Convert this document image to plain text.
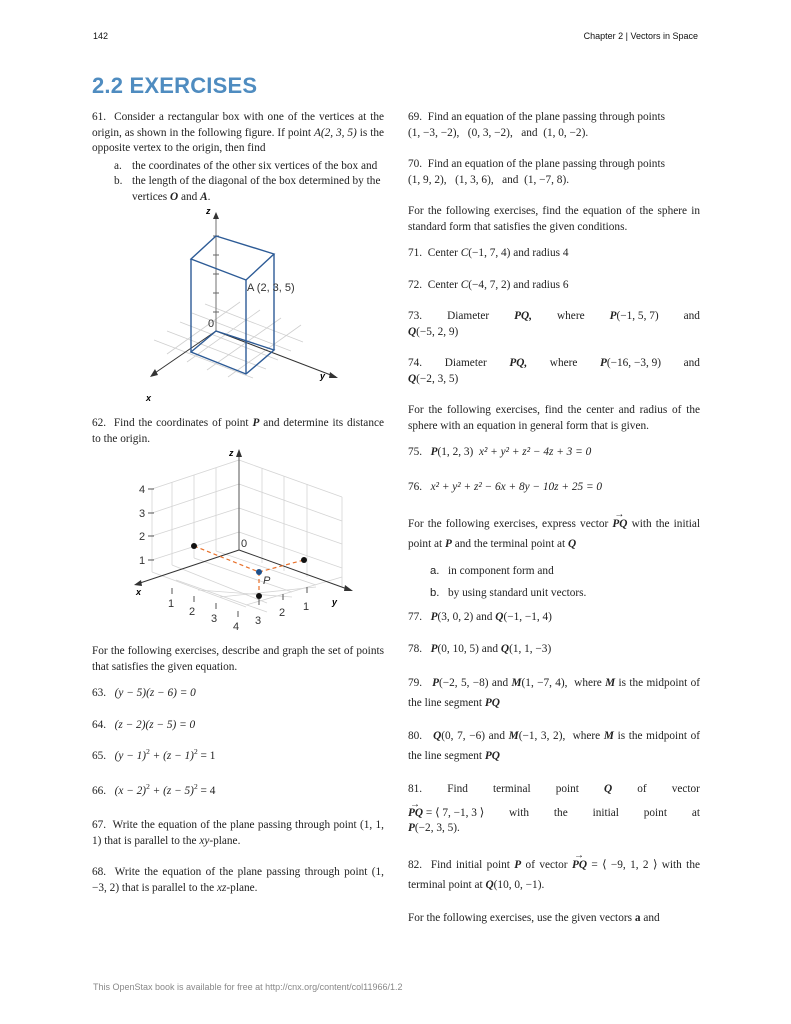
142	Chapter 2 | Vectors in Space
2.2 EXERCISES

61. Consider a rectangular box with one of the vertices at the origin, as shown in the following figure. If point A(2, 3, 5) is the opposite vertex to the origin, then find

a. the coordinates of the other six vertices of the box and
b. the length of the diagonal of the box determined by the vertices O and A.
z
y
x
0
A (2, 3, 5)

62. Find the coordinates of point P and determine its distance to the origin.

z
y
x
0
P
1
2
3
4
1
2
3
4 3
2 1

For the following exercises, describe and graph the set of points that satisfies the given equation.

63. (y − 5)(z − 6) = 0

64. (z − 2)(z − 5) = 0

65. $(y - 1)^2 + (z - 1)^2 = 1$

66. $(x - 2)^2 + (z - 5)^2 = 4$

67. Write the equation of the plane passing through point (1, 1, 1) that is parallel to the xy-plane.

68. Write the equation of the plane passing through point (1, −3, 2) that is parallel to the xz-plane.

69. Find an equation of the plane passing through points
(1, −3, −2),   (0, 3, −2),   and  (1, 0, −2).

70. Find an equation of the plane passing through points
(1, 9, 2),   (1, 3, 6),   and  (1, −7, 8).

For the following exercises, find the equation of the sphere in standard form that satisfies the given conditions.

71. Center C(−1, 7, 4) and radius 4

72. Center C(−4, 7, 2) and radius 6

73. Diameter PQ, where P(−1, 5, 7) and

Q(−5, 2, 9)

74. Diameter PQ, where P(−16, −3, 9) and

Q(−2, 3, 5)

For the following exercises, find the center and radius of the sphere with an equation in general form that is given.

75. P(1, 2, 3) x² + y² + z² − 4z + 3 = 0

76. x² + y² + z² − 6x + 8y − 10z + 25 = 0

For the following exercises, express vector → PQ with the initial point at P and the terminal point at Q

a. in component form and
b. by using standard unit vectors.

77. P(3, 0, 2) and Q(−1, −1, 4)

78. P(0, 10, 5) and Q(1, 1, −3)

79. P(−2, 5, −8) and M(1, −7, 4), where M is the midpoint of the line segment PQ

80. Q(0, 7, −6) and M(−1, 3, 2), where M is the midpoint of the line segment PQ

81. Find terminal point Q of vector

→ PQ = ⟨ 7, −1, 3 ⟩ with the initial point at

P(−2, 3, 5).

82. Find initial point P of vector → PQ = ⟨ −9, 1, 2 ⟩ with the terminal point at Q(10, 0, −1).

For the following exercises, use the given vectors a and

This OpenStax book is available for free at http://cnx.org/content/col11966/1.2
